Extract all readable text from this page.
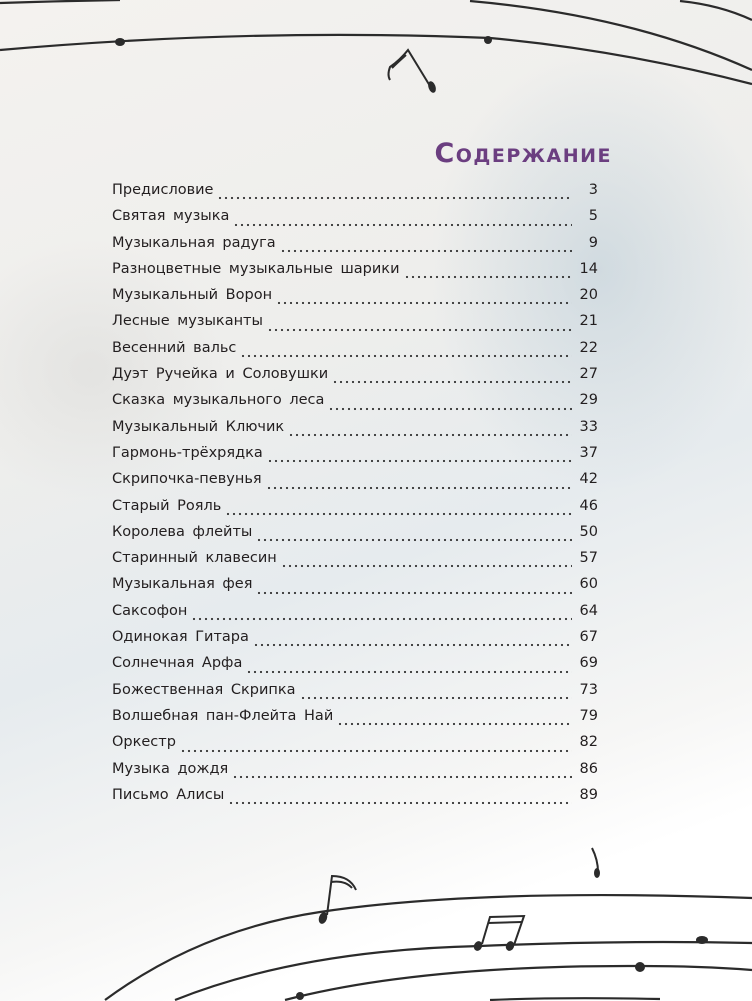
Содержание
Предисловие	3
Святая музыка	5
Музыкальная радуга	9
Разноцветные музыкальные шарики	14
Музыкальный Ворон	20
Лесные музыканты	21
Весенний вальс	22
Дуэт Ручейка и Соловушки	27
Сказка музыкального леса	29
Музыкальный Ключик	33
Гармонь-трёхрядка	37
Скрипочка-певунья	42
Старый Рояль	46
Королева флейты	50
Старинный клавесин	57
Музыкальная фея	60
Саксофон	64
Одинокая Гитара	67
Солнечная Арфа	69
Божественная Скрипка	73
Волшебная пан-Флейта Най	79
Оркестр	82
Музыка дождя	86
Письмо Алисы	89
